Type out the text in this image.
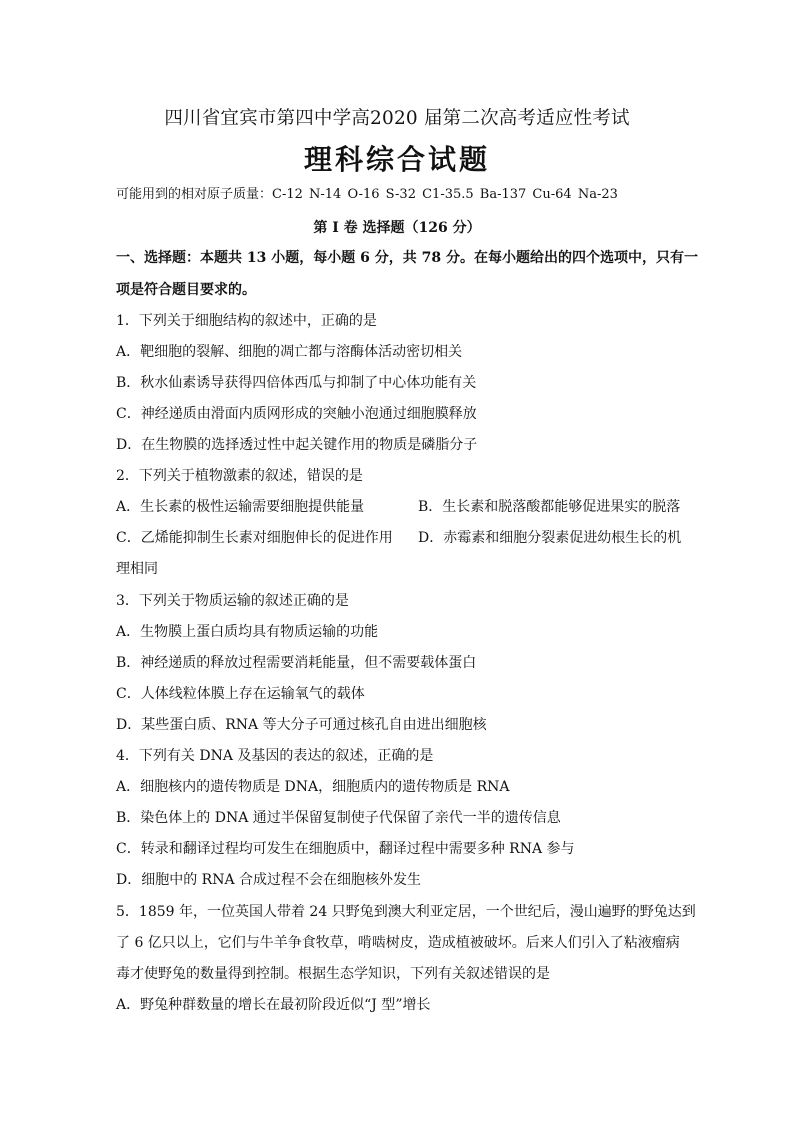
四川省宜宾市第四中学高2020 届第二次高考适应性考试
理科综合试题
可能用到的相对原子质量：C-12 N-14 O-16 S-32 C1-35.5 Ba-137 Cu-64 Na-23
第 I 卷 选择题（126 分）
一、选择题：本题共 13 小题，每小题 6 分，共 78 分。在每小题给出的四个选项中，只有一
项是符合题目要求的。
1．下列关于细胞结构的叙述中，正确的是
A．靶细胞的裂解、细胞的凋亡都与溶酶体活动密切相关
B．秋水仙素诱导获得四倍体西瓜与抑制了中心体功能有关
C．神经递质由滑面内质网形成的突触小泡通过细胞膜释放
D．在生物膜的选择透过性中起关键作用的物质是磷脂分子
2．下列关于植物激素的叙述，错误的是
A．生长素的极性运输需要细胞提供能量	B．生长素和脱落酸都能够促进果实的脱落
C．乙烯能抑制生长素对细胞伸长的促进作用 D．赤霉素和细胞分裂素促进幼根生长的机
理相同
3．下列关于物质运输的叙述正确的是
A．生物膜上蛋白质均具有物质运输的功能
B．神经递质的释放过程需要消耗能量，但不需要载体蛋白
C．人体线粒体膜上存在运输氧气的载体
D．某些蛋白质、RNA 等大分子可通过核孔自由进出细胞核
4．下列有关 DNA 及基因的表达的叙述，正确的是
A．细胞核内的遗传物质是 DNA，细胞质内的遗传物质是 RNA
B．染色体上的 DNA 通过半保留复制使子代保留了亲代一半的遗传信息
C．转录和翻译过程均可发生在细胞质中，翻译过程中需要多种 RNA 参与
D．细胞中的 RNA 合成过程不会在细胞核外发生
5．1859 年，一位英国人带着 24 只野兔到澳大利亚定居，一个世纪后，漫山遍野的野兔达到
了 6 亿只以上，它们与牛羊争食牧草，啃啮树皮，造成植被破坏。后来人们引入了粘液瘤病
毒才使野兔的数量得到控制。根据生态学知识，下列有关叙述错误的是
A．野兔种群数量的增长在最初阶段近似“J 型”增长
